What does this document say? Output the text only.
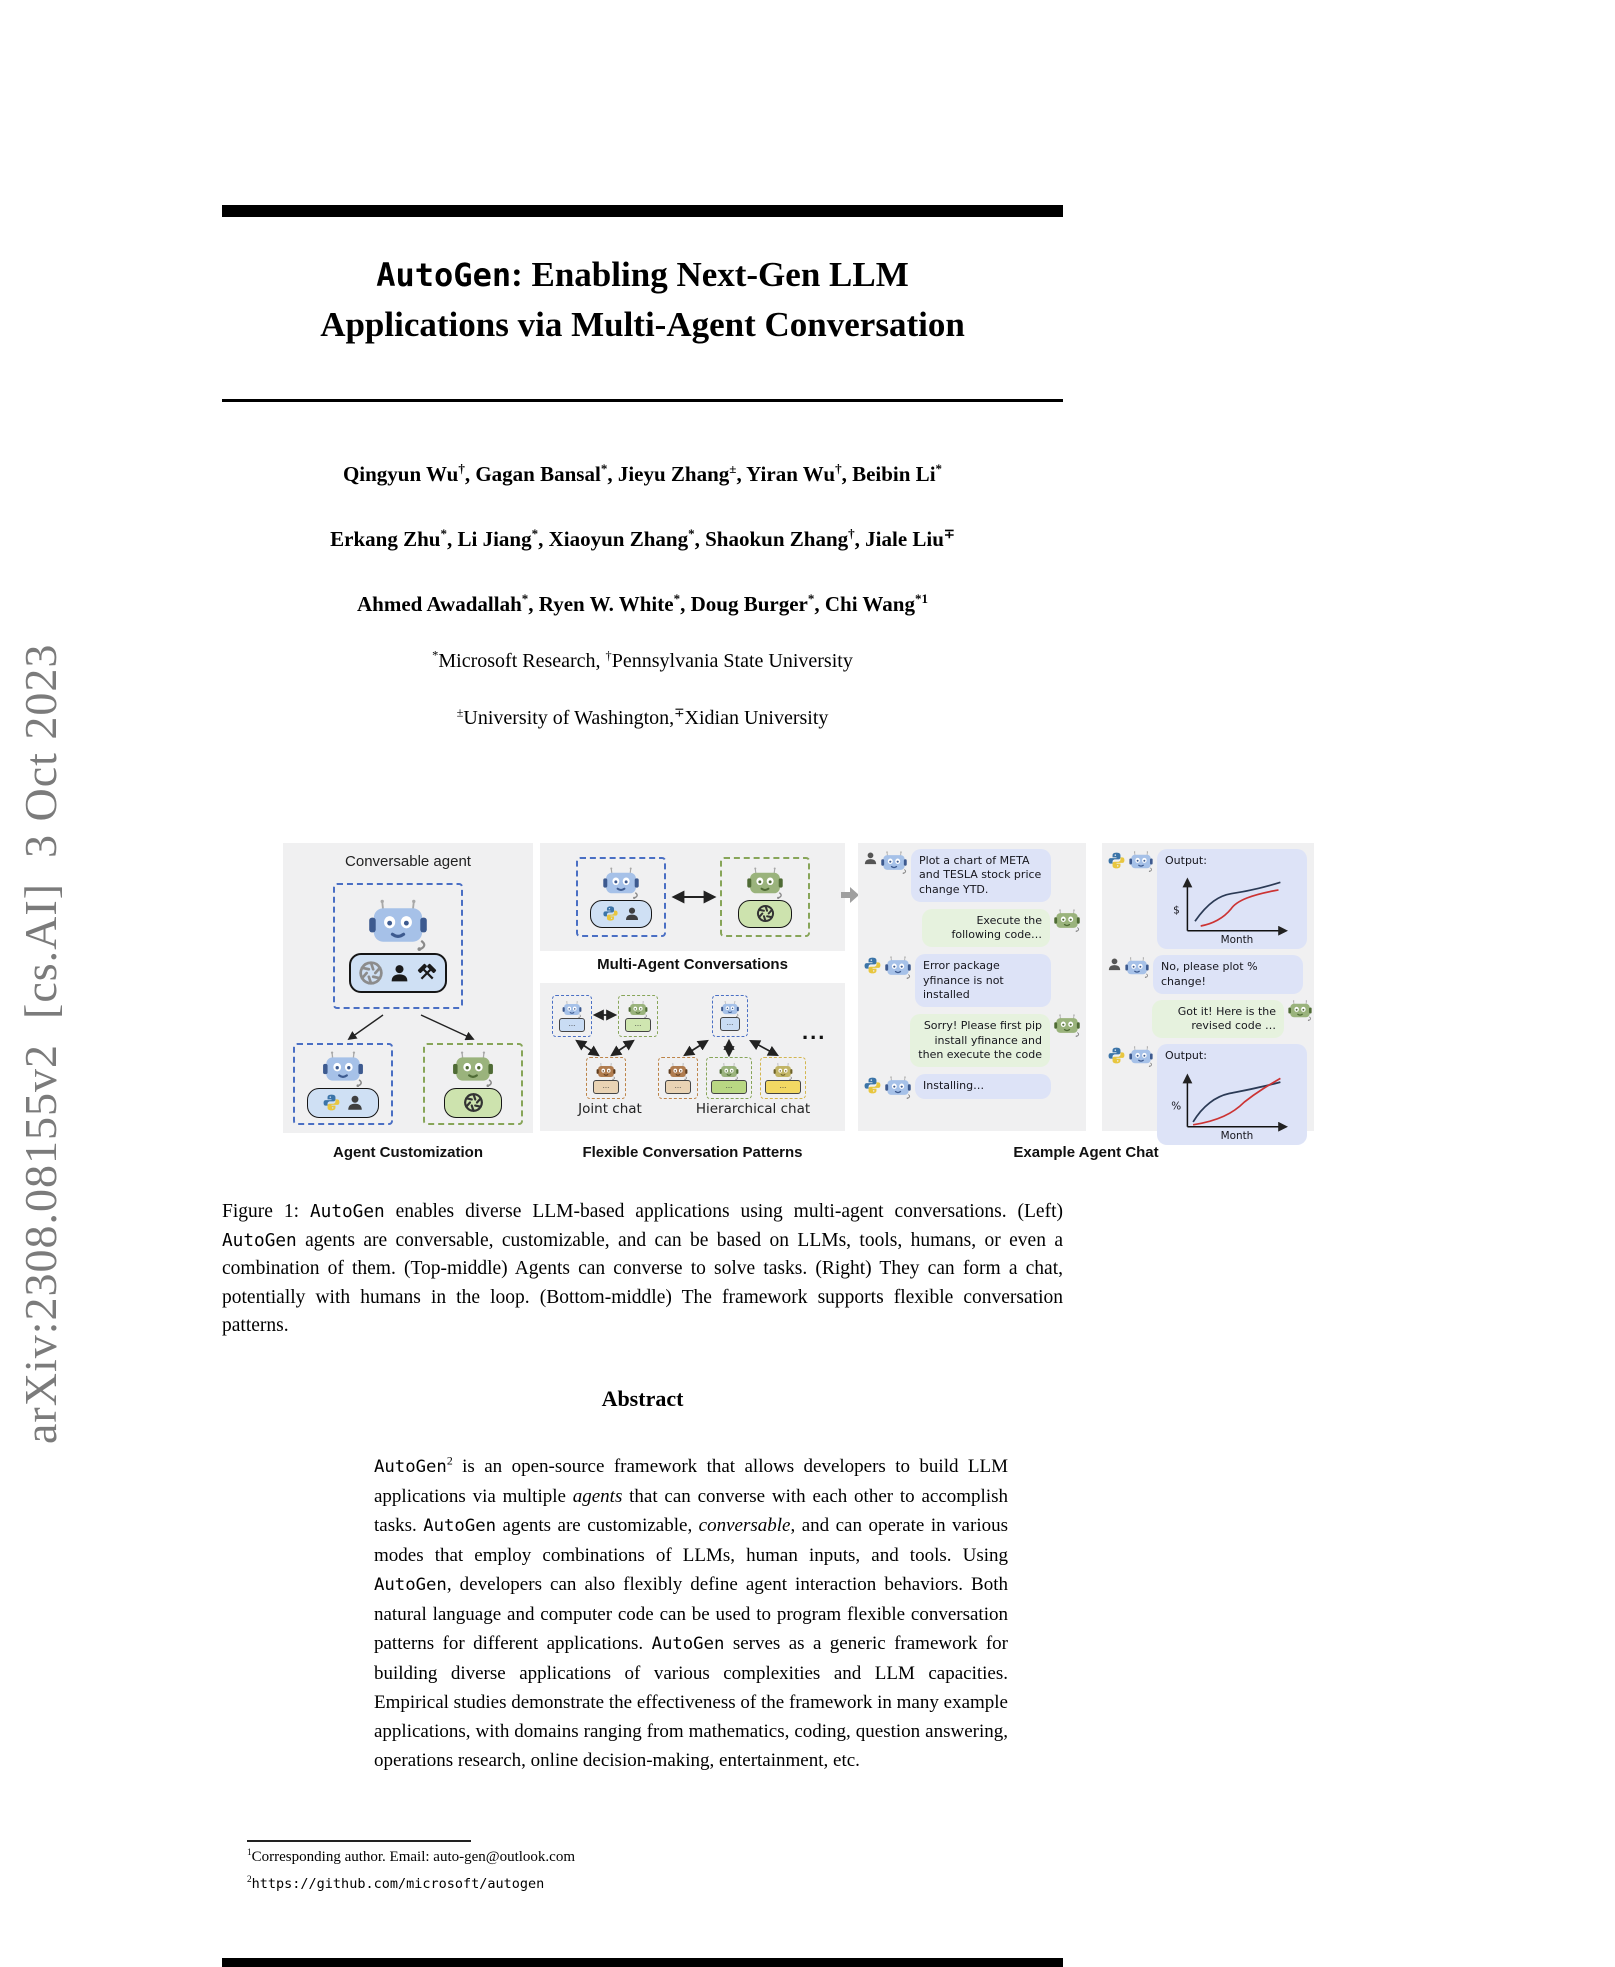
arXiv:2308.08155v2  [cs.AI]  3 Oct 2023
AutoGen: Enabling Next-Gen LLM
Applications via Multi-Agent Conversation
Qingyun Wu†, Gagan Bansal*, Jieyu Zhang±, Yiran Wu†, Beibin Li*
Erkang Zhu*, Li Jiang*, Xiaoyun Zhang*, Shaokun Zhang†, Jiale Liu∓
Ahmed Awadallah*, Ryen W. White*, Doug Burger*, Chi Wang$^{*1}$
*Microsoft Research, †Pennsylvania State University
±University of Washington,∓Xidian University
Conversable agent
Multi-Agent Conversations
...	...
...
...
...	...	...
...
Joint chat	Hierarchical chat
Plot a chart of META and TESLA stock price change YTD.
Execute the following code…
Error package yfinance is not installed
Sorry! Please first pip install yfinance and then execute the code
Installing…
Output:
$
Month
No, please plot % change!
Got it! Here is the revised code …
Output:
%
Month
Agent Customization	Flexible Conversation Patterns	Example Agent Chat
Figure 1: AutoGen enables diverse LLM-based applications using multi-agent conversations. (Left) AutoGen agents are conversable, customizable, and can be based on LLMs, tools, humans, or even a combination of them. (Top-middle) Agents can converse to solve tasks. (Right) They can form a chat, potentially with humans in the loop. (Bottom-middle) The framework supports flexible conversation patterns.
Abstract
AutoGen$^2$ is an open-source framework that allows developers to build LLM applications via multiple agents that can converse with each other to accomplish tasks. AutoGen agents are customizable, conversable, and can operate in various modes that employ combinations of LLMs, human inputs, and tools. Using AutoGen, developers can also flexibly define agent interaction behaviors. Both natural language and computer code can be used to program flexible conversation patterns for different applications. AutoGen serves as a generic framework for building diverse applications of various complexities and LLM capacities. Empirical studies demonstrate the effectiveness of the framework in many example applications, with domains ranging from mathematics, coding, question answering, operations research, online decision-making, entertainment, etc.
$^1$Corresponding author. Email: auto-gen@outlook.com
$^2$https://github.com/microsoft/autogen
